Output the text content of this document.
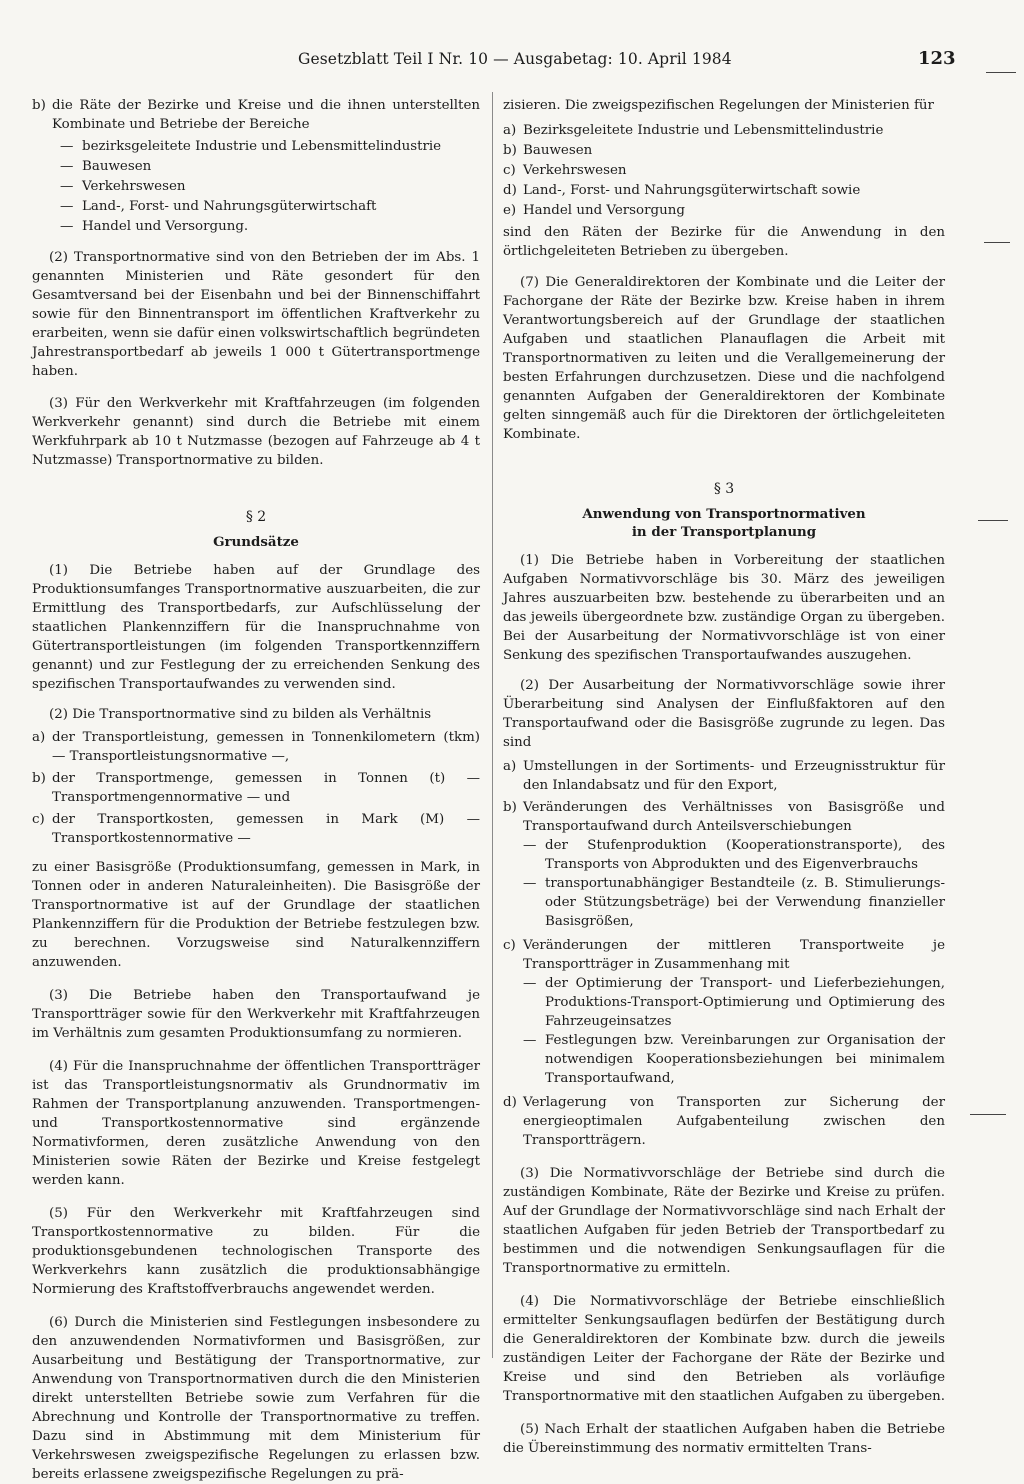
Gesetzblatt Teil I Nr. 10 — Ausgabetag: 10. April 1984	123
b) die Räte der Bezirke und Kreise und die ihnen unterstellten Kombinate und Betriebe der Bereiche
— bezirksgeleitete Industrie und Lebensmittelindustrie
— Bauwesen
— Verkehrswesen
— Land-, Forst- und Nahrungsgüterwirtschaft
— Handel und Versorgung.

(2) Transportnormative sind von den Betrieben der im Abs. 1 genannten Ministerien und Räte gesondert für den Gesamtversand bei der Eisenbahn und bei der Binnenschiffahrt sowie für den Binnentransport im öffentlichen Kraftverkehr zu erarbeiten, wenn sie dafür einen volkswirtschaftlich begründeten Jahrestransportbedarf ab jeweils 1 000 t Gütertransportmenge haben.

(3) Für den Werkverkehr mit Kraftfahrzeugen (im folgenden Werkverkehr genannt) sind durch die Betriebe mit einem Werkfuhrpark ab 10 t Nutzmasse (bezogen auf Fahrzeuge ab 4 t Nutzmasse) Transportnormative zu bilden.

§ 2
Grundsätze

(1) Die Betriebe haben auf der Grundlage des Produktionsumfanges Transportnormative auszuarbeiten, die zur Ermittlung des Transportbedarfs, zur Aufschlüsselung der staatlichen Plankennziffern für die Inanspruchnahme von Gütertransportleistungen (im folgenden Transportkennziffern genannt) und zur Festlegung der zu erreichenden Senkung des spezifischen Transportaufwandes zu verwenden sind.

(2) Die Transportnormative sind zu bilden als Verhältnis

a) der Transportleistung, gemessen in Tonnenkilometern (tkm) — Transportleistungsnormative —,
b) der Transportmenge, gemessen in Tonnen (t) — Transportmengennormative — und
c) der Transportkosten, gemessen in Mark (M) — Transportkostennormative —

zu einer Basisgröße (Produktionsumfang, gemessen in Mark, in Tonnen oder in anderen Naturaleinheiten). Die Basisgröße der Transportnormative ist auf der Grundlage der staatlichen Plankennziffern für die Produktion der Betriebe festzulegen bzw. zu berechnen. Vorzugsweise sind Naturalkennziffern anzuwenden.

(3) Die Betriebe haben den Transportaufwand je Transportträger sowie für den Werkverkehr mit Kraftfahrzeugen im Verhältnis zum gesamten Produktionsumfang zu normieren.

(4) Für die Inanspruchnahme der öffentlichen Transportträger ist das Transportleistungsnormativ als Grundnormativ im Rahmen der Transportplanung anzuwenden. Transportmengen- und Transportkostennormative sind ergänzende Normativformen, deren zusätzliche Anwendung von den Ministerien sowie Räten der Bezirke und Kreise festgelegt werden kann.

(5) Für den Werkverkehr mit Kraftfahrzeugen sind Transportkostennormative zu bilden. Für die produktionsgebundenen technologischen Transporte des Werkverkehrs kann zusätzlich die produktionsabhängige Normierung des Kraftstoffverbrauchs angewendet werden.

(6) Durch die Ministerien sind Festlegungen insbesondere zu den anzuwendenden Normativformen und Basisgrößen, zur Ausarbeitung und Bestätigung der Transportnormative, zur Anwendung von Transportnormativen durch die den Ministerien direkt unterstellten Betriebe sowie zum Verfahren für die Abrechnung und Kontrolle der Transportnormative zu treffen. Dazu sind in Abstimmung mit dem Ministerium für Verkehrswesen zweigspezifische Regelungen zu erlassen bzw. bereits erlassene zweigspezifische Regelungen zu prä-

zisieren. Die zweigspezifischen Regelungen der Ministerien für

a) Bezirksgeleitete Industrie und Lebensmittelindustrie
b) Bauwesen
c) Verkehrswesen
d) Land-, Forst- und Nahrungsgüterwirtschaft sowie
e) Handel und Versorgung

sind den Räten der Bezirke für die Anwendung in den örtlichgeleiteten Betrieben zu übergeben.

(7) Die Generaldirektoren der Kombinate und die Leiter der Fachorgane der Räte der Bezirke bzw. Kreise haben in ihrem Verantwortungsbereich auf der Grundlage der staatlichen Aufgaben und staatlichen Planauflagen die Arbeit mit Transportnormativen zu leiten und die Verallgemeinerung der besten Erfahrungen durchzusetzen. Diese und die nachfolgend genannten Aufgaben der Generaldirektoren der Kombinate gelten sinngemäß auch für die Direktoren der örtlichgeleiteten Kombinate.

§ 3
Anwendung von Transportnormativen
in der Transportplanung

(1) Die Betriebe haben in Vorbereitung der staatlichen Aufgaben Normativvorschläge bis 30. März des jeweiligen Jahres auszuarbeiten bzw. bestehende zu überarbeiten und an das jeweils übergeordnete bzw. zuständige Organ zu übergeben. Bei der Ausarbeitung der Normativvorschläge ist von einer Senkung des spezifischen Transportaufwandes auszugehen.

(2) Der Ausarbeitung der Normativvorschläge sowie ihrer Überarbeitung sind Analysen der Einflußfaktoren auf den Transportaufwand oder die Basisgröße zugrunde zu legen. Das sind

a) Umstellungen in der Sortiments- und Erzeugnisstruktur für den Inlandabsatz und für den Export,
b) Veränderungen des Verhältnisses von Basisgröße und Transportaufwand durch Anteilsverschiebungen
— der Stufenproduktion (Kooperationstransporte), des Transports von Abprodukten und des Eigenverbrauchs
— transportunabhängiger Bestandteile (z. B. Stimulierungs- oder Stützungsbeträge) bei der Verwendung finanzieller Basisgrößen,
c) Veränderungen der mittleren Transportweite je Transportträger in Zusammenhang mit
— der Optimierung der Transport- und Lieferbeziehungen, Produktions-Transport-Optimierung und Optimierung des Fahrzeugeinsatzes
— Festlegungen bzw. Vereinbarungen zur Organisation der notwendigen Kooperationsbeziehungen bei minimalem Transportaufwand,
d) Verlagerung von Transporten zur Sicherung der energieoptimalen Aufgabenteilung zwischen den Transportträgern.

(3) Die Normativvorschläge der Betriebe sind durch die zuständigen Kombinate, Räte der Bezirke und Kreise zu prüfen. Auf der Grundlage der Normativvorschläge sind nach Erhalt der staatlichen Aufgaben für jeden Betrieb der Transportbedarf zu bestimmen und die notwendigen Senkungsauflagen für die Transportnormative zu ermitteln.

(4) Die Normativvorschläge der Betriebe einschließlich ermittelter Senkungsauflagen bedürfen der Bestätigung durch die Generaldirektoren der Kombinate bzw. durch die jeweils zuständigen Leiter der Fachorgane der Räte der Bezirke und Kreise und sind den Betrieben als vorläufige Transportnormative mit den staatlichen Aufgaben zu übergeben.

(5) Nach Erhalt der staatlichen Aufgaben haben die Betriebe die Übereinstimmung des normativ ermittelten Trans-
